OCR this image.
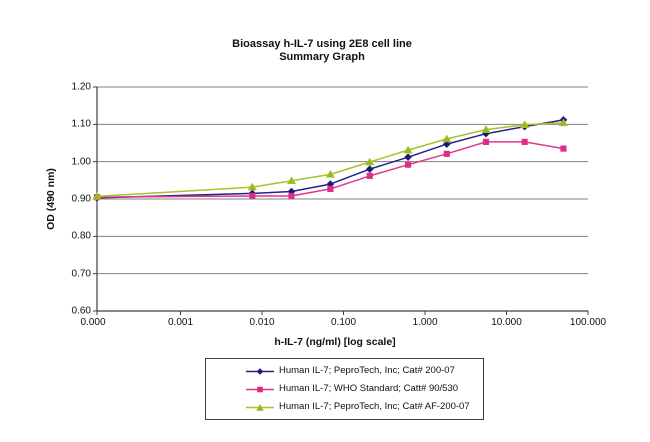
Bioassay h-IL-7 using 2E8 cell line
Summary Graph
OD (490 nm)
h-IL-7 (ng/ml) [log scale]
Human IL-7; PeproTech, Inc; Cat# 200-07
Human IL-7; WHO Standard; Catt# 90/530
Human IL-7; PeproTech, Inc; Cat# AF-200-07
0.60
0.70
0.80
0.90
1.00
1.10
1.20
0.000	0.001	0.010	0.100	1.000	10.000	100.000
